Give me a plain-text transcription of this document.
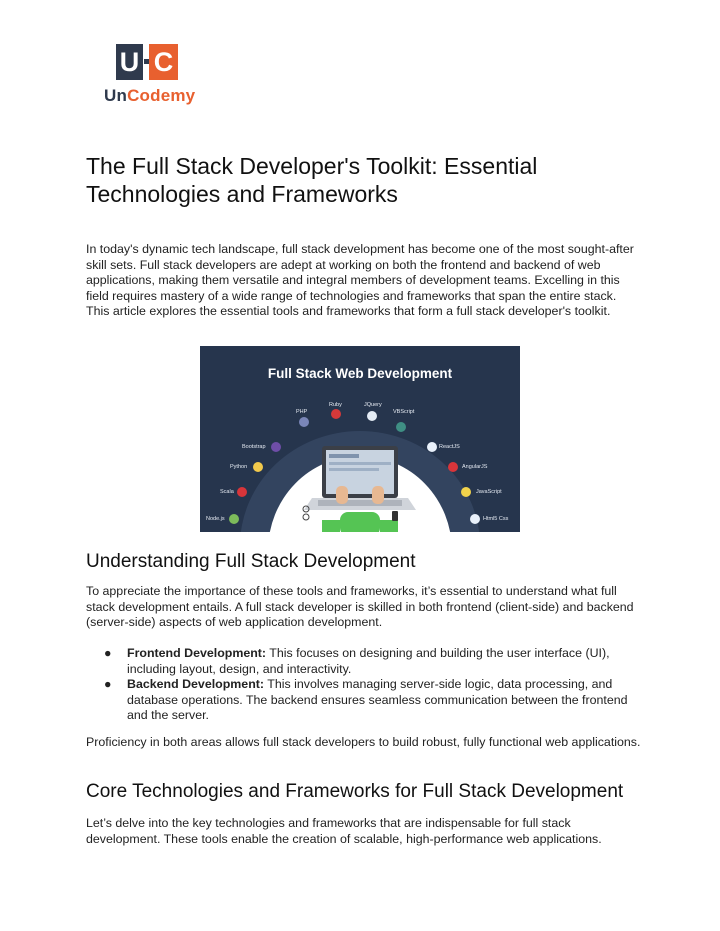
U C
UnCodemy
The Full Stack Developer's Toolkit: Essential Technologies and Frameworks

In today's dynamic tech landscape, full stack development has become one of the most sought-after skill sets. Full stack developers are adept at working on both the frontend and backend of web applications, making them versatile and integral members of development teams. Excelling in this field requires mastery of a wide range of technologies and frameworks that span the entire stack. This article explores the essential tools and frameworks that form a full stack developer's toolkit.

Full Stack Web Development

Ruby	JQuery
PHP	VBScript
Bootstrap	ReactJS
Python	AngularJS
Scala	JavaScript
Node.js	Html5 Css
Understanding Full Stack Development

To appreciate the importance of these tools and frameworks, it’s essential to understand what full stack development entails. A full stack developer is skilled in both frontend (client-side) and backend (server-side) aspects of web application development.

● Frontend Development: This focuses on designing and building the user interface (UI), including layout, design, and interactivity.
● Backend Development: This involves managing server-side logic, data processing, and database operations. The backend ensures seamless communication between the frontend and the server.

Proficiency in both areas allows full stack developers to build robust, fully functional web applications.

Core Technologies and Frameworks for Full Stack Development

Let’s delve into the key technologies and frameworks that are indispensable for full stack development. These tools enable the creation of scalable, high-performance web applications.
